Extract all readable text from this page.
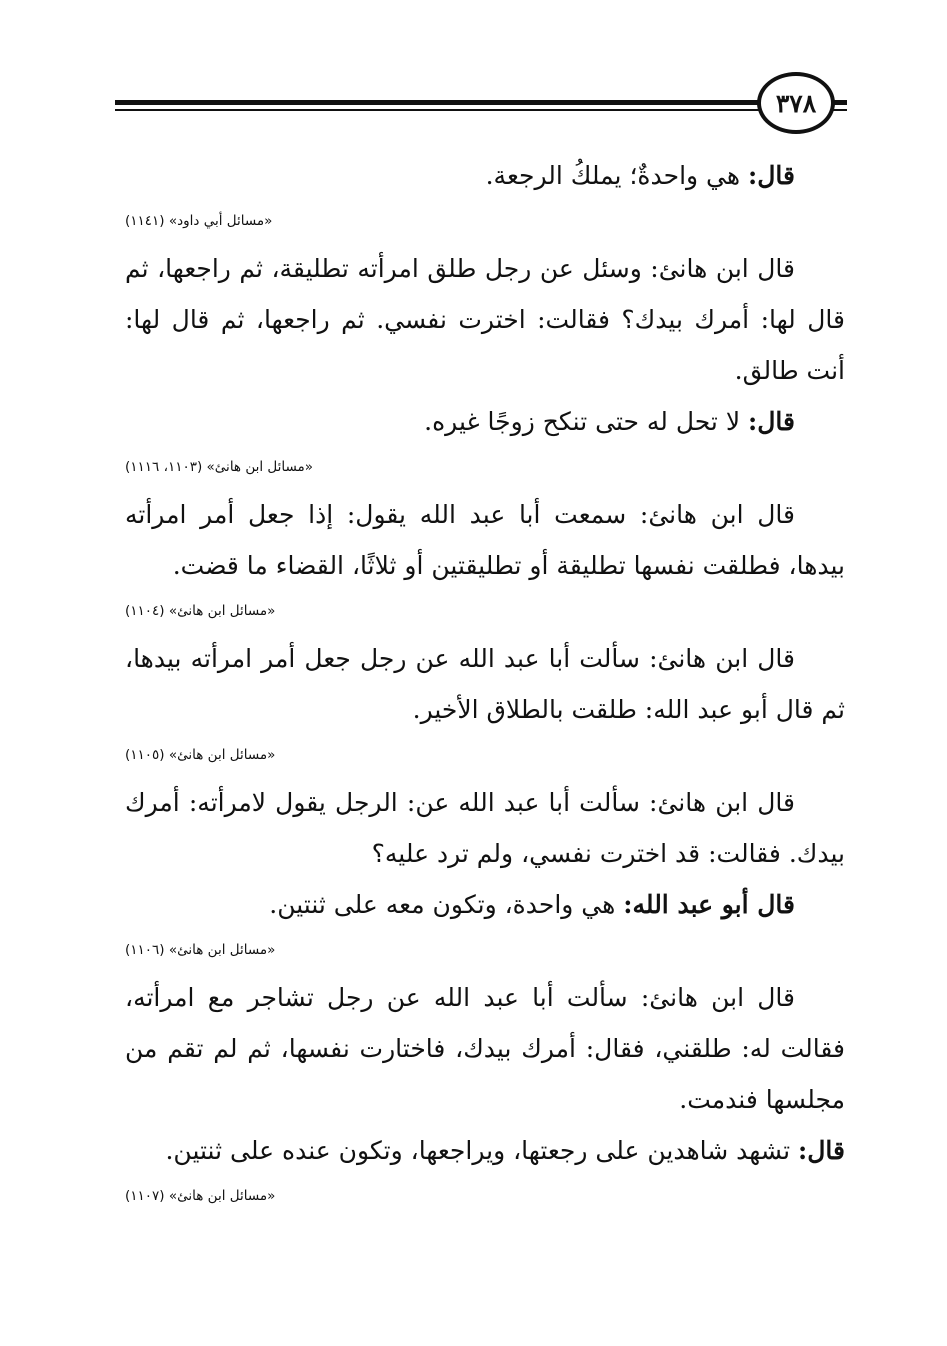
٣٧٨

قال: هي واحدةٌ؛ يملكُ الرجعة.

«مسائل أبي داود» (١١٤١)

قال ابن هانئ: وسئل عن رجل طلق امرأته تطليقة، ثم راجعها، ثم قال لها: أمرك بيدك؟ فقالت: اخترت نفسي. ثم راجعها، ثم قال لها: أنت طالق.

قال: لا تحل له حتى تنكح زوجًا غيره.

«مسائل ابن هانئ» (١١٠٣، ١١١٦)

قال ابن هانئ: سمعت أبا عبد الله يقول: إذا جعل أمر امرأته بيدها، فطلقت نفسها تطليقة أو تطليقتين أو ثلاثًا، القضاء ما قضت.

«مسائل ابن هانئ» (١١٠٤)

قال ابن هانئ: سألت أبا عبد الله عن رجل جعل أمر امرأته بيدها، ثم قال أبو عبد الله: طلقت بالطلاق الأخير.

«مسائل ابن هانئ» (١١٠٥)

قال ابن هانئ: سألت أبا عبد الله عن: الرجل يقول لامرأته: أمرك بيدك. فقالت: قد اخترت نفسي، ولم ترد عليه؟

قال أبو عبد الله: هي واحدة، وتكون معه على ثنتين.

«مسائل ابن هانئ» (١١٠٦)

قال ابن هانئ: سألت أبا عبد الله عن رجل تشاجر مع امرأته، فقالت له: طلقني، فقال: أمرك بيدك، فاختارت نفسها، ثم لم تقم من مجلسها فندمت.

قال: تشهد شاهدين على رجعتها، ويراجعها، وتكون عنده على ثنتين.

«مسائل ابن هانئ» (١١٠٧)
